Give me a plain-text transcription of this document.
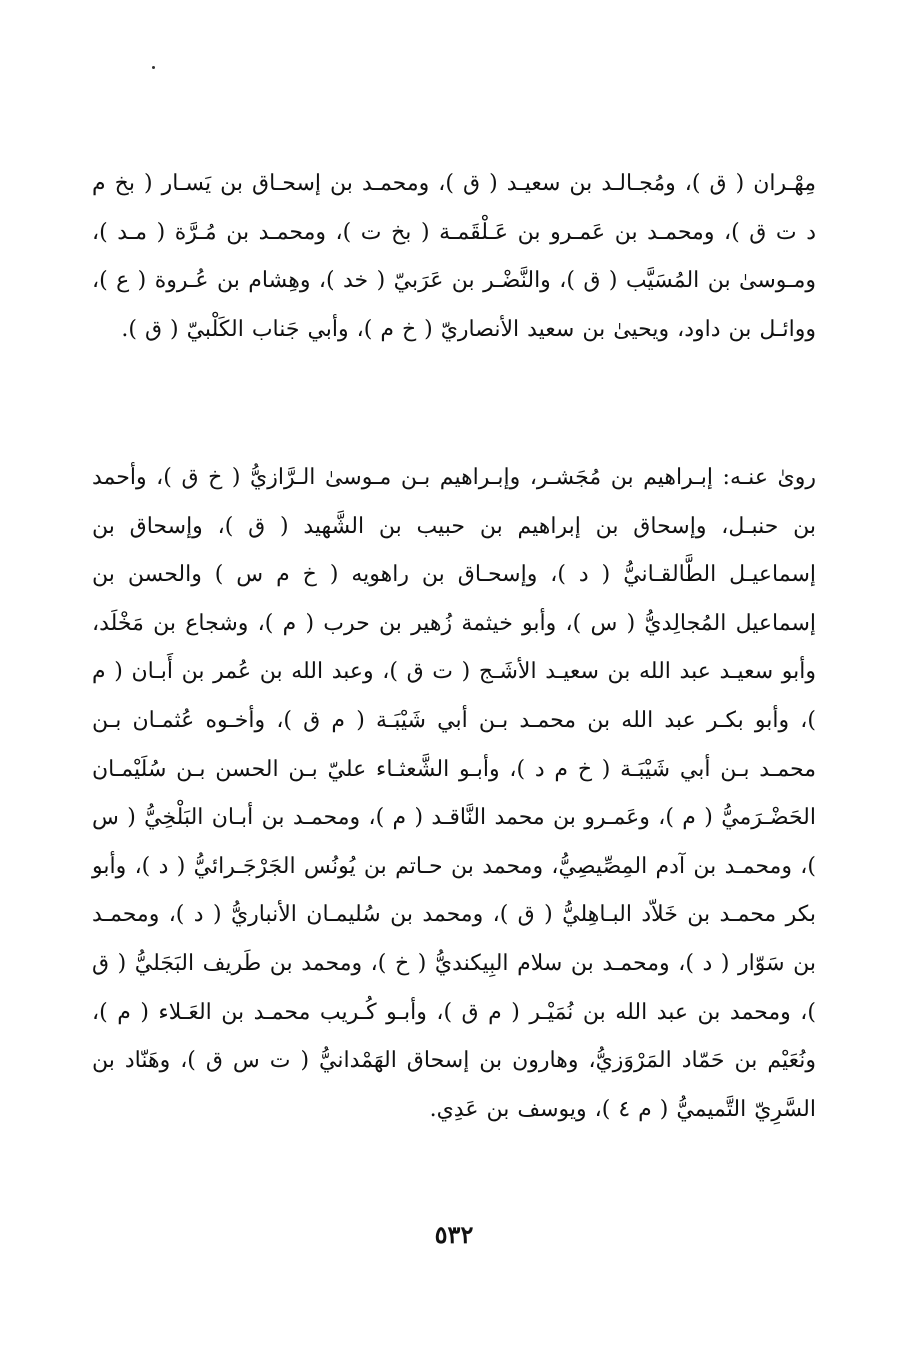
مِهْـران ( ق )، ومُجـالـد بن سعيـد ( ق )، ومحمـد بن إسحـاق بن يَسـار ( بخ م د ت ق )، ومحمـد بن عَمـرو بن عَـلْقَمـة ( بخ ت )، ومحمـد بن مُـرَّة ( مـد )، ومـوسىٰ بن المُسَيَّب ( ق )، والنَّضْـر بن عَرَبيّ ( خد )، وهِشام بن عُـروة ( ع )، ووائـل بن داود، ويحيىٰ بن سعيد الأنصاريّ ( خ م )، وأبي جَناب الكَلْبيّ ( ق ).

روىٰ عنـه: إبـراهيم بن مُجَشـر، وإبـراهيم بـن مـوسىٰ الـرَّازيُّ ( خ ق )، وأحمد بن حنبـل، وإسحاق بن إبراهيم بن حبيب بن الشَّهيد ( ق )، وإسحاق بن إسماعيـل الطَّالقـانيُّ ( د )، وإسحـاق بن راهويه ( خ م س ) والحسن بن إسماعيل المُجالِديُّ ( س )، وأبو خيثمة زُهير بن حرب ( م )، وشجاع بن مَخْلَد، وأبو سعيـد عبد الله بن سعيـد الأشَـج ( ت ق )، وعبد الله بن عُمر بن أَبـان ( م )، وأبو بكـر عبد الله بن محمـد بـن أبي شَيْبَـة ( م ق )، وأخـوه عُثمـان بـن محمـد بـن أبي شَيْبَـة ( خ م د )، وأبـو الشَّعثـاء عليّ بـن الحسن بـن سُلَيْمـان الحَضْـرَميُّ ( م )، وعَمـرو بن محمد النَّاقـد ( م )، ومحمـد بن أبـان البَلْخِيُّ ( س )، ومحمـد بن آدم المِصِّيصِيُّ، ومحمد بن حـاتم بن يُونُس الجَرْجَـرائيُّ ( د )، وأبو بكر محمـد بن خَلاّد البـاهِليُّ ( ق )، ومحمد بن سُليمـان الأنباريُّ ( د )، ومحمـد بن سَوّار ( د )، ومحمـد بن سلام البِيكنديُّ ( خ )، ومحمد بن طَريف البَجَليُّ ( ق )، ومحمد بن عبد الله بن نُمَيْـر ( م ق )، وأبـو كُـريب محمـد بن العَـلاء ( م )، ونُعَيْم بن حَمّاد المَرْوَزيُّ، وهارون بن إسحاق الهَمْدانيُّ ( ت س ق )، وهَنّاد بن السَّرِيّ التَّميميُّ ( م ٤ )، ويوسف بن عَدِي.

٥٣٢
